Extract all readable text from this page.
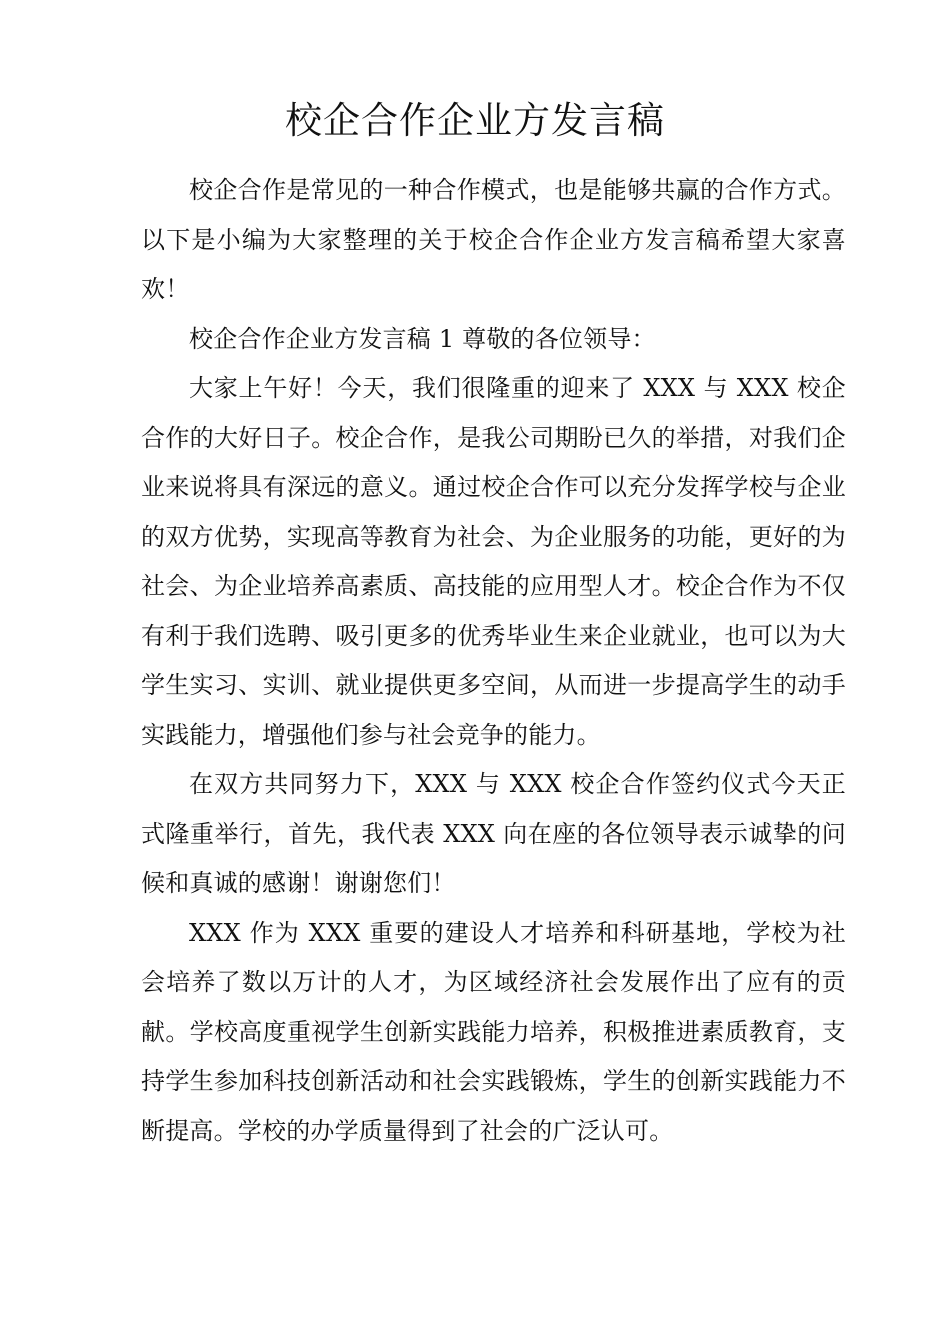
校企合作企业方发言稿

校企合作是常见的一种合作模式，也是能够共赢的合作方式。以下是小编为大家整理的关于校企合作企业方发言稿希望大家喜欢！

校企合作企业方发言稿 1 尊敬的各位领导：

大家上午好！今天，我们很隆重的迎来了 XXX 与 XXX 校企合作的大好日子。校企合作，是我公司期盼已久的举措，对我们企业来说将具有深远的意义。通过校企合作可以充分发挥学校与企业的双方优势，实现高等教育为社会、为企业服务的功能，更好的为社会、为企业培养高素质、高技能的应用型人才。校企合作为不仅有利于我们选聘、吸引更多的优秀毕业生来企业就业，也可以为大学生实习、实训、就业提供更多空间，从而进一步提高学生的动手实践能力，增强他们参与社会竞争的能力。

在双方共同努力下，XXX 与 XXX 校企合作签约仪式今天正式隆重举行，首先，我代表 XXX 向在座的各位领导表示诚挚的问候和真诚的感谢！谢谢您们！

XXX 作为 XXX 重要的建设人才培养和科研基地，学校为社会培养了数以万计的人才，为区域经济社会发展作出了应有的贡献。学校高度重视学生创新实践能力培养，积极推进素质教育，支持学生参加科技创新活动和社会实践锻炼，学生的创新实践能力不断提高。学校的办学质量得到了社会的广泛认可。
